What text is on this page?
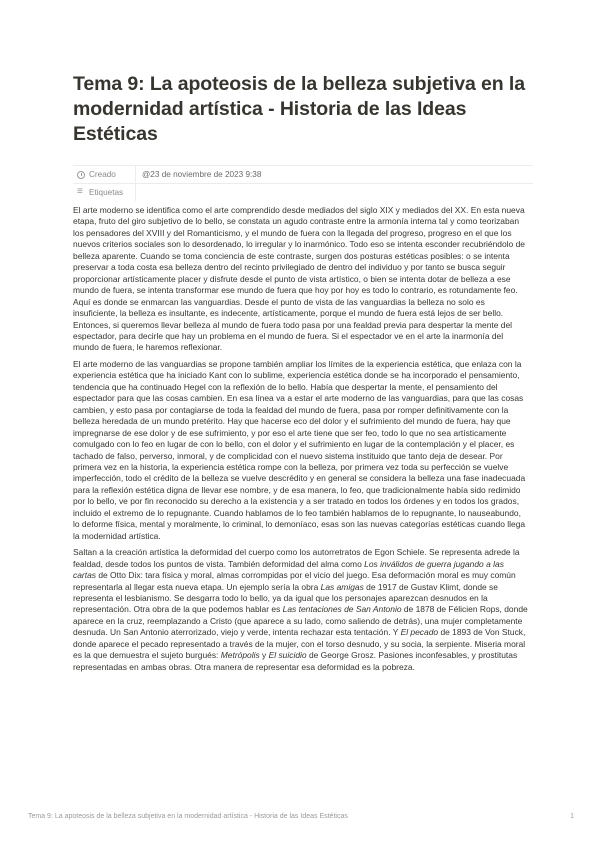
Tema 9: La apoteosis de la belleza subjetiva en la modernidad artística - Historia de las Ideas Estéticas
Creado	@23 de noviembre de 2023 9:38
≡
Etiquetas

El arte moderno se identifica como el arte comprendido desde mediados del siglo XIX y mediados del XX. En esta nueva etapa, fruto del giro subjetivo de lo bello, se constata un agudo contraste entre la armonía interna tal y como teorizaban los pensadores del XVIII y del Romanticismo, y el mundo de fuera con la llegada del progreso, progreso en el que los nuevos criterios sociales son lo desordenado, lo irregular y lo inarmónico. Todo eso se intenta esconder recubriéndolo de belleza aparente. Cuando se toma conciencia de este contraste, surgen dos posturas estéticas posibles: o se intenta preservar a toda costa esa belleza dentro del recinto privilegiado de dentro del individuo y por tanto se busca seguir proporcionar artísticamente placer y disfrute desde el punto de vista artístico, o bien se intenta dotar de belleza a ese mundo de fuera, se intenta transformar ese mundo de fuera que hoy por hoy es todo lo contrario, es rotundamente feo. Aquí es donde se enmarcan las vanguardias. Desde el punto de vista de las vanguardias la belleza no solo es insuficiente, la belleza es insultante, es indecente, artísticamente, porque el mundo de fuera está lejos de ser bello. Entonces, si queremos llevar belleza al mundo de fuera todo pasa por una fealdad previa para despertar la mente del espectador, para decirle que hay un problema en el mundo de fuera. Si el espectador ve en el arte la inarmonía del mundo de fuera, le haremos reflexionar.

El arte moderno de las vanguardias se propone también ampliar los límites de la experiencia estética, que enlaza con la experiencia estética que ha iniciado Kant con lo sublime, experiencia estética donde se ha incorporado el pensamiento, tendencia que ha continuado Hegel con la reflexión de lo bello. Había que despertar la mente, el pensamiento del espectador para que las cosas cambien. En esa línea va a estar el arte moderno de las vanguardias, para que las cosas cambien, y esto pasa por contagiarse de toda la fealdad del mundo de fuera, pasa por romper definitivamente con la belleza heredada de un mundo pretérito. Hay que hacerse eco del dolor y el sufrimiento del mundo de fuera, hay que impregnarse de ese dolor y de ese sufrimiento, y por eso el arte tiene que ser feo, todo lo que no sea artísticamente comulgado con lo feo en lugar de con lo bello, con el dolor y el sufrimiento en lugar de la contemplación y el placer, es tachado de falso, perverso, inmoral, y de complicidad con el nuevo sistema instituido que tanto deja de desear. Por primera vez en la historia, la experiencia estética rompe con la belleza, por primera vez toda su perfección se vuelve imperfección, todo el crédito de la belleza se vuelve descrédito y en general se considera la belleza una fase inadecuada para la reflexión estética digna de llevar ese nombre, y de esa manera, lo feo, que tradicionalmente había sido redimido por lo bello, ve por fin reconocido su derecho a la existencia y a ser tratado en todos los órdenes y en todos los grados, incluido el extremo de lo repugnante. Cuando hablamos de lo feo también hablamos de lo repugnante, lo nauseabundo, lo deforme física, mental y moralmente, lo criminal, lo demoníaco, esas son las nuevas categorías estéticas cuando llega la modernidad artística.

Saltan a la creación artística la deformidad del cuerpo como los autorretratos de Egon Schiele. Se representa adrede la fealdad, desde todos los puntos de vista. También deformidad del alma como Los inválidos de guerra jugando a las cartas de Otto Dix: tara física y moral, almas corrompidas por el vicio del juego. Esa deformación moral es muy común representarla al llegar esta nueva etapa. Un ejemplo sería la obra Las amigas de 1917 de Gustav Klimt, donde se representa el lesbianismo. Se desgarra todo lo bello, ya da igual que los personajes aparezcan desnudos en la representación. Otra obra de la que podemos hablar es Las tentaciones de San Antonio de 1878 de Félicien Rops, donde aparece en la cruz, reemplazando a Cristo (que aparece a su lado, como saliendo de detrás), una mujer completamente desnuda. Un San Antonio aterrorizado, viejo y verde, intenta rechazar esta tentación. Y El pecado de 1893 de Von Stuck, donde aparece el pecado representado a través de la mujer, con el torso desnudo, y su socia, la serpiente. Miseria moral es la que demuestra el sujeto burgués: Metrópolis y El suicidio de George Grosz. Pasiones inconfesables, y prostitutas representadas en ambas obras. Otra manera de representar esa deformidad es la pobreza.

Tema 9: La apoteosis de la belleza subjetiva en la modernidad artística - Historia de las Ideas Estéticas	1
